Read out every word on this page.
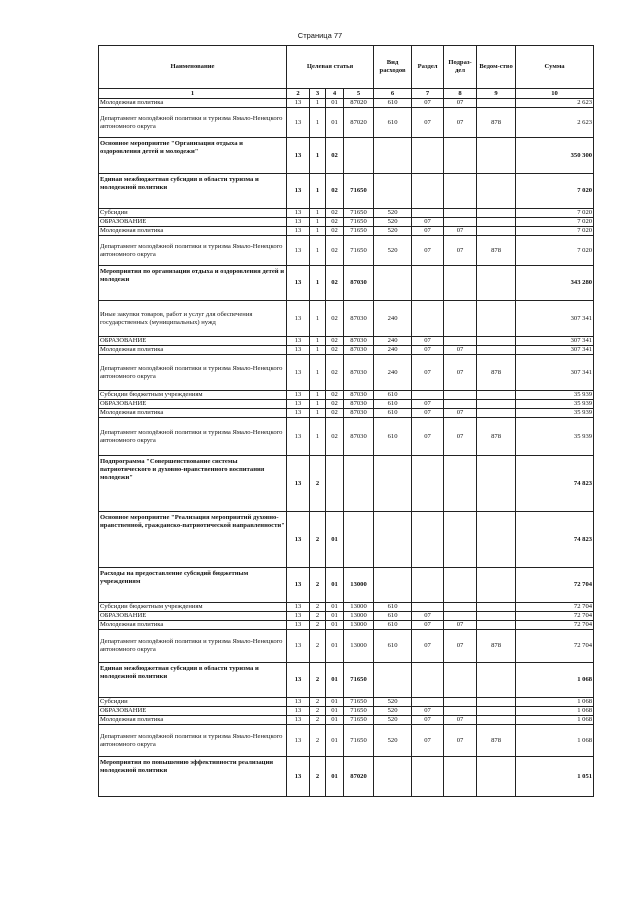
Страница 77
Наименование	Целевая статья				Вид расходов	Раздел	Подраз-дел	Ведом-ство	Сумма
1	2	3	4	5	6	7	8	9	10
Молодежная политика	13	1	01	87020	610	07	07		2 623
Департамент молодёжной политики и туризма Ямало-Ненецкого автономного округа	13	1	01	87020	610	07	07	878	2 623
Основное мероприятие "Организация отдыха и оздоровления детей и молодежи"	13	1	02						350 300
Единая межбюджетная субсидия в области туризма и молодежной политики	13	1	02	71650					7 020
Субсидии	13	1	02	71650	520				7 020
ОБРАЗОВАНИЕ	13	1	02	71650	520	07			7 020
Молодежная политика	13	1	02	71650	520	07	07		7 020
Департамент молодёжной политики и туризма Ямало-Ненецкого автономного округа	13	1	02	71650	520	07	07	878	7 020
Мероприятия по организации отдыха и оздоровления детей и молодежи	13	1	02	87030					343 280
Иные закупки товаров, работ и услуг для обеспечения государственных (муниципальных) нужд	13	1	02	87030	240				307 341
ОБРАЗОВАНИЕ	13	1	02	87030	240	07			307 341
Молодежная политика	13	1	02	87030	240	07	07		307 341
Департамент молодёжной политики и туризма Ямало-Ненецкого автономного округа	13	1	02	87030	240	07	07	878	307 341
Субсидии бюджетным учреждениям	13	1	02	87030	610				35 939
ОБРАЗОВАНИЕ	13	1	02	87030	610	07			35 939
Молодежная политика	13	1	02	87030	610	07	07		35 939
Департамент молодёжной политики и туризма Ямало-Ненецкого автономного округа	13	1	02	87030	610	07	07	878	35 939
Подпрограмма "Совершенствование системы патриотического и духовно-нравственного воспитания молодежи"	13	2							74 823
Основное мероприятие "Реализация мероприятий духовно-нравственной, гражданско-патриотической направленности"	13	2	01						74 823
Расходы на предоставление субсидий бюджетным учреждениям	13	2	01	13000					72 704
Субсидии бюджетным учреждениям	13	2	01	13000	610				72 704
ОБРАЗОВАНИЕ	13	2	01	13000	610	07			72 704
Молодежная политика	13	2	01	13000	610	07	07		72 704
Департамент молодёжной политики и туризма Ямало-Ненецкого автономного округа	13	2	01	13000	610	07	07	878	72 704
Единая межбюджетная субсидия в области туризма и молодежной политики	13	2	01	71650					1 068
Субсидии	13	2	01	71650	520				1 068
ОБРАЗОВАНИЕ	13	2	01	71650	520	07			1 068
Молодежная политика	13	2	01	71650	520	07	07		1 068
Департамент молодёжной политики и туризма Ямало-Ненецкого автономного округа	13	2	01	71650	520	07	07	878	1 068
Мероприятия по повышению эффективности реализации молодежной политики	13	2	01	87020					1 051
